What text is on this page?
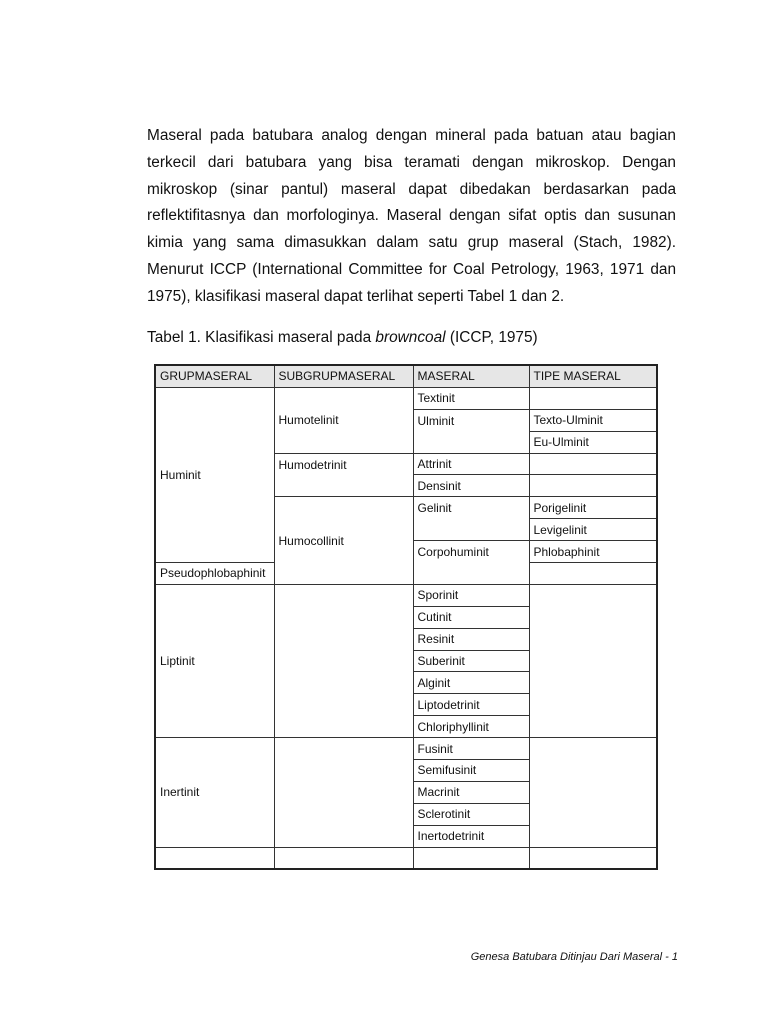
Maseral pada batubara analog dengan mineral pada batuan atau bagian terkecil dari batubara yang bisa teramati dengan mikroskop. Dengan mikroskop (sinar pantul) maseral dapat dibedakan berdasarkan pada reflektifitasnya dan morfologinya. Maseral dengan sifat optis dan susunan kimia yang sama dimasukkan dalam satu grup maseral (Stach, 1982). Menurut ICCP (International Committee for Coal Petrology, 1963, 1971 dan 1975), klasifikasi maseral dapat terlihat seperti Tabel 1 dan 2.
Tabel 1. Klasifikasi maseral pada browncoal (ICCP, 1975)
GRUPMASERAL	SUBGRUPMASERAL	MASERAL	TIPE MASERAL
Huminit	Humotelinit	Textinit	
		Ulminit	Texto-Ulminit
			Eu-Ulminit
	Humodetrinit	Attrinit	
		Densinit	
	Humocollinit	Gelinit	Porigelinit
			Levigelinit
		Corpohuminit	Phlobaphinit
Pseudophlobaphinit			
Liptinit		Sporinit	
		Cutinit	
		Resinit	
		Suberinit	
		Alginit	
		Liptodetrinit	
		Chloriphyllinit	
Inertinit		Fusinit	
		Semifusinit	
		Macrinit	
		Sclerotinit	
		Inertodetrinit	

Genesa Batubara Ditinjau Dari Maseral - 1
